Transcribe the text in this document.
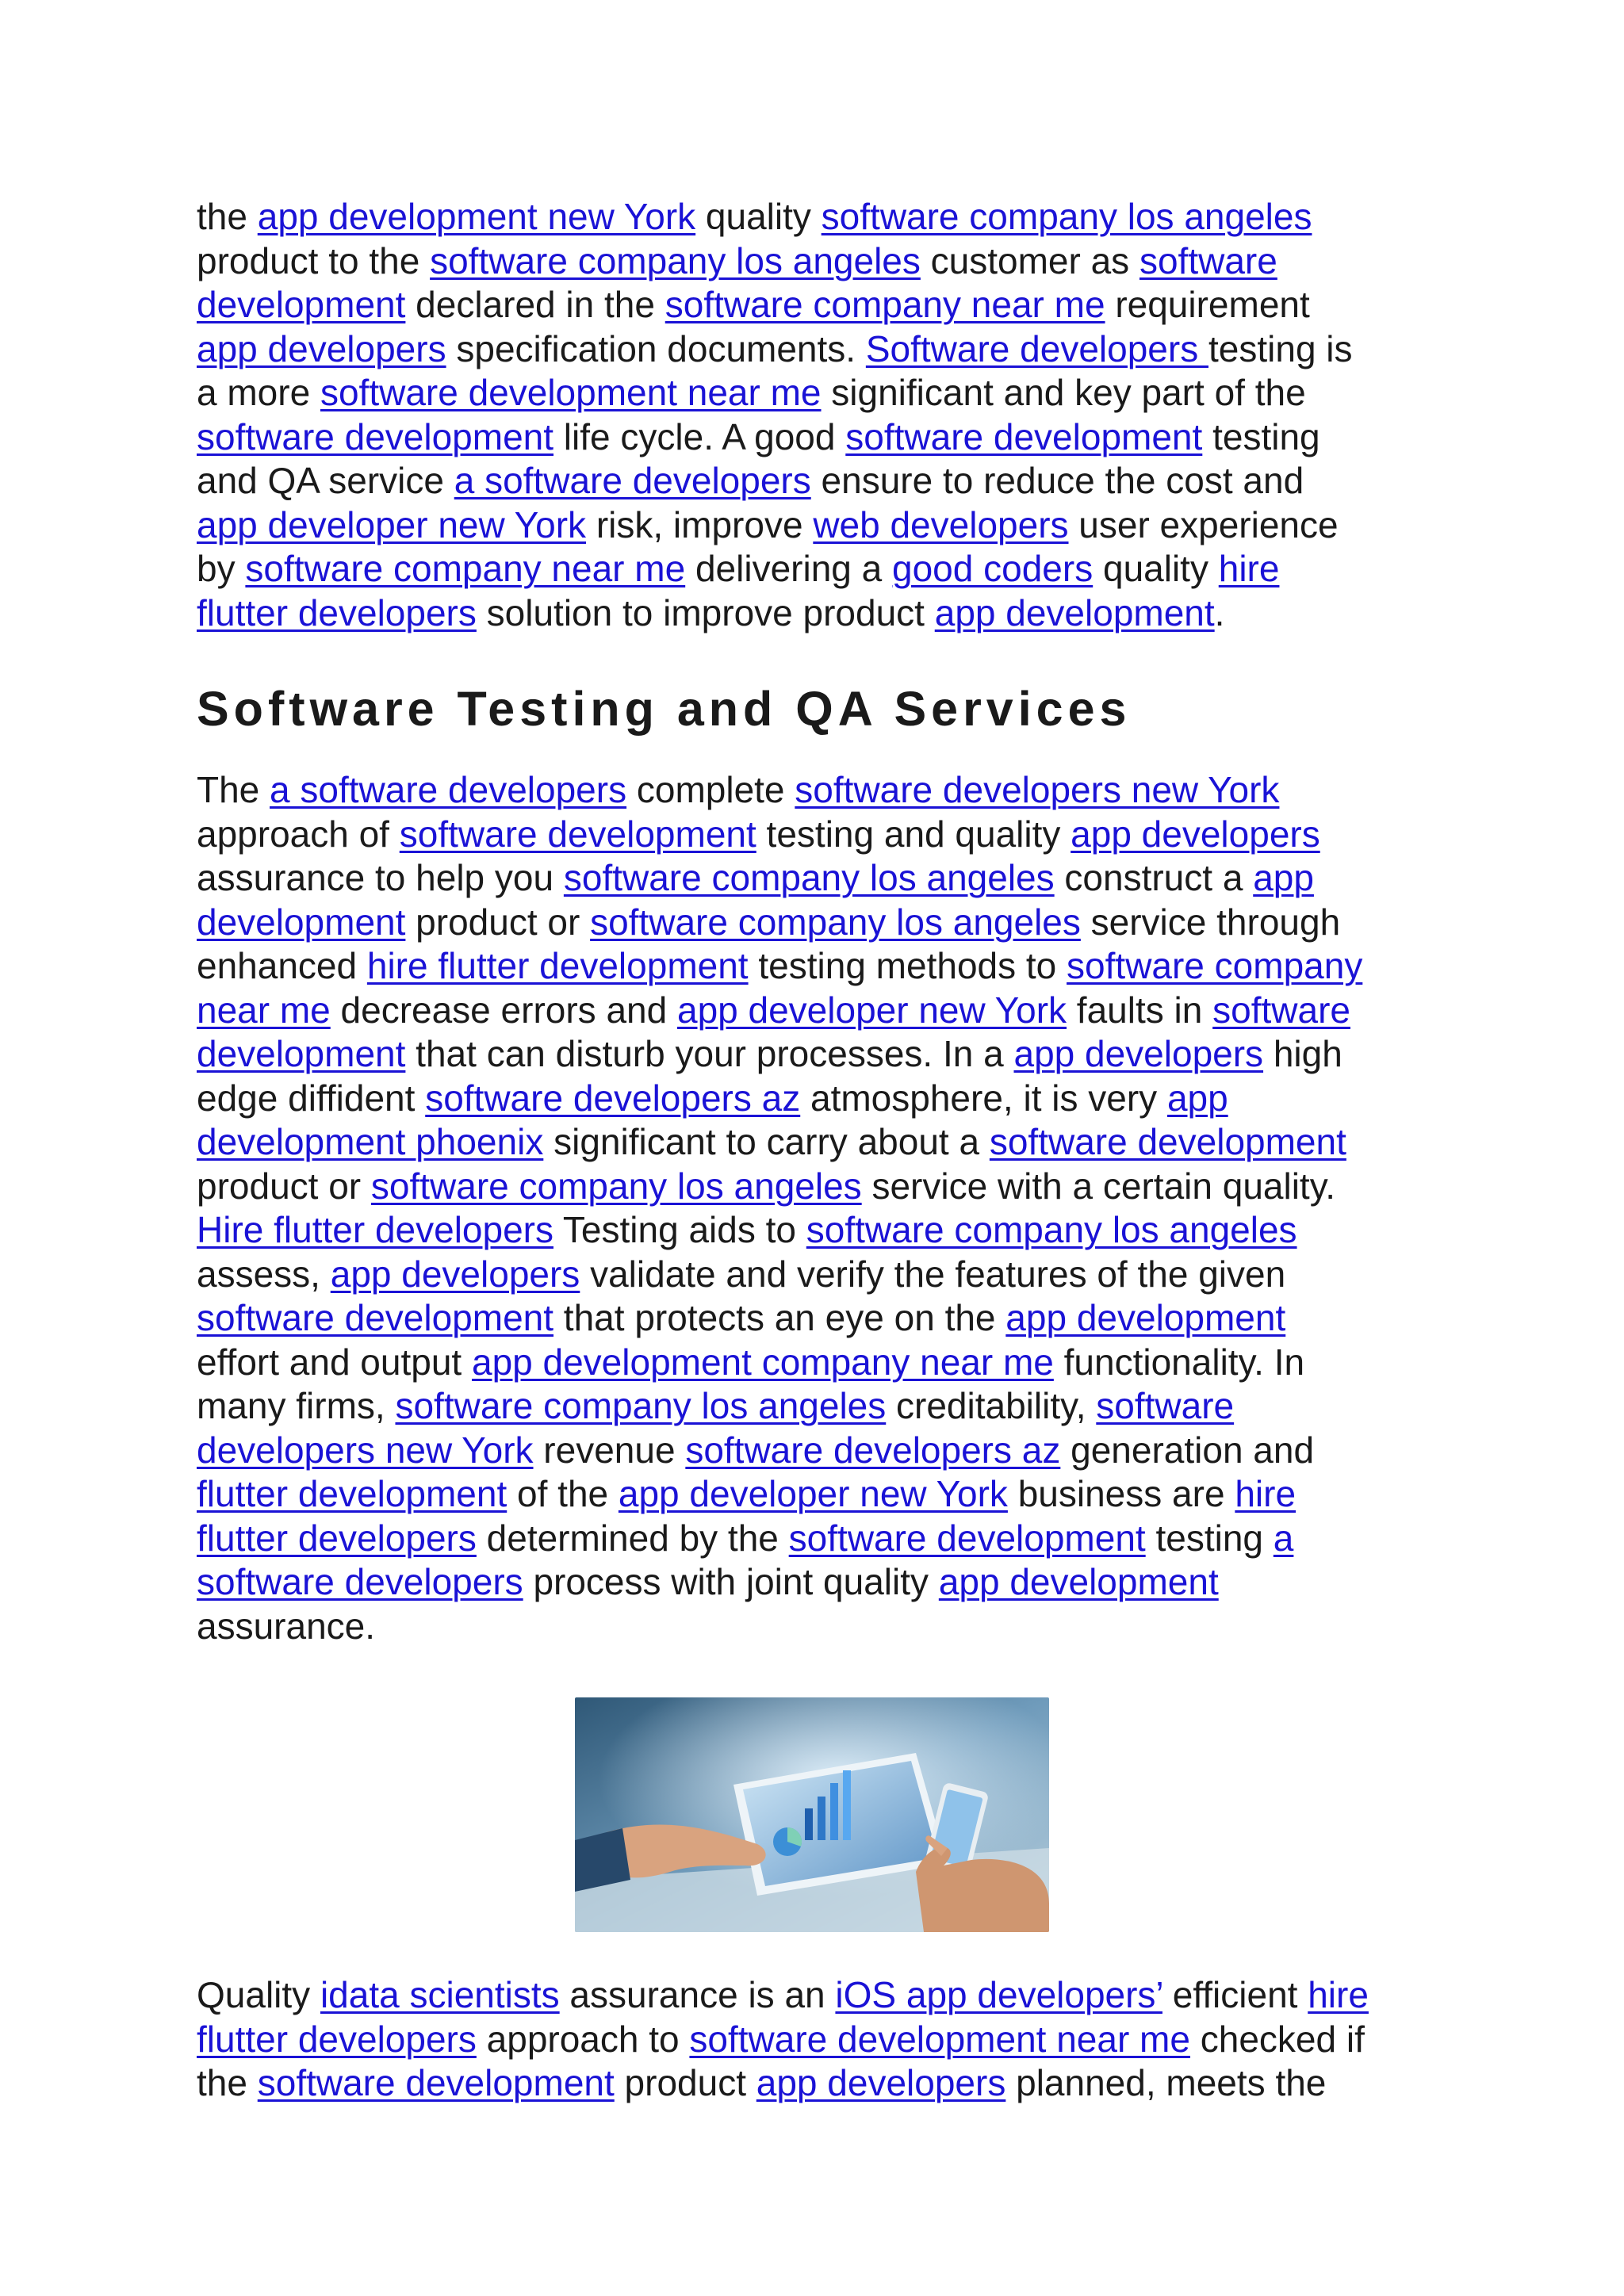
the app development new York quality software company los angeles
product to the software company los angeles customer as software
development declared in the software company near me requirement
app developers specification documents. Software developers testing is
a more software development near me significant and key part of the
software development life cycle. A good software development testing
and QA service a software developers ensure to reduce the cost and
app developer new York risk, improve web developers user experience
by software company near me delivering a good coders quality hire
flutter developers solution to improve product app development.
Software Testing and QA Services
The a software developers complete software developers new York
approach of software development testing and quality app developers
assurance to help you software company los angeles construct a app
development product or software company los angeles service through
enhanced hire flutter development testing methods to software company
near me decrease errors and app developer new York faults in software
development that can disturb your processes. In a app developers high
edge diffident software developers az atmosphere, it is very app
development phoenix significant to carry about a software development
product or software company los angeles service with a certain quality.
Hire flutter developers Testing aids to software company los angeles
assess, app developers validate and verify the features of the given
software development that protects an eye on the app development
effort and output app development company near me functionality. In
many firms, software company los angeles creditability, software
developers new York revenue software developers az generation and
flutter development of the app developer new York business are hire
flutter developers determined by the software development testing a
software developers process with joint quality app development
assurance.
Quality idata scientists assurance is an iOS app developers’ efficient hire
flutter developers approach to software development near me checked if
the software development product app developers planned, meets the
